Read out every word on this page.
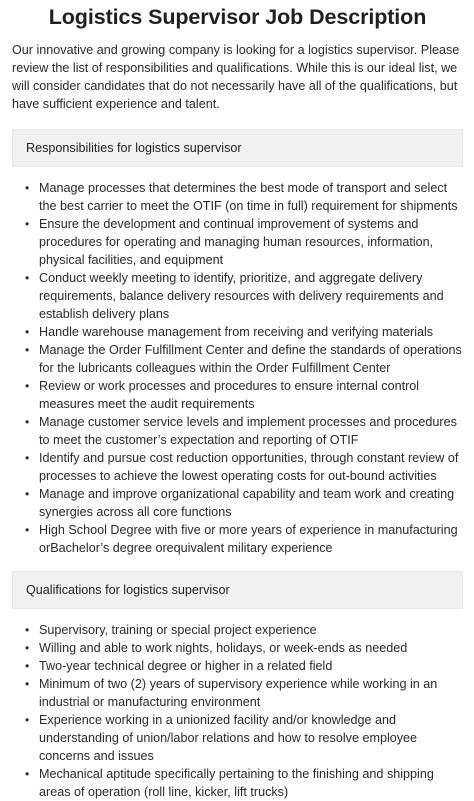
Logistics Supervisor Job Description

Our innovative and growing company is looking for a logistics supervisor. Please review the list of responsibilities and qualifications. While this is our ideal list, we will consider candidates that do not necessarily have all of the qualifications, but have sufficient experience and talent.

Responsibilities for logistics supervisor
• Manage processes that determines the best mode of transport and select the best carrier to meet the OTIF (on time in full) requirement for shipments
• Ensure the development and continual improvement of systems and procedures for operating and managing human resources, information, physical facilities, and equipment
• Conduct weekly meeting to identify, prioritize, and aggregate delivery requirements, balance delivery resources with delivery requirements and establish delivery plans
• Handle warehouse management from receiving and verifying materials
• Manage the Order Fulfillment Center and define the standards of operations for the lubricants colleagues within the Order Fulfillment Center
• Review or work processes and procedures to ensure internal control measures meet the audit requirements
• Manage customer service levels and implement processes and procedures to meet the customer’s expectation and reporting of OTIF
• Identify and pursue cost reduction opportunities, through constant review of processes to achieve the lowest operating costs for out-bound activities
• Manage and improve organizational capability and team work and creating synergies across all core functions
• High School Degree with five or more years of experience in manufacturing orBachelor’s degree orequivalent military experience
Qualifications for logistics supervisor
• Supervisory, training or special project experience
• Willing and able to work nights, holidays, or week-ends as needed
• Two-year technical degree or higher in a related field
• Minimum of two (2) years of supervisory experience while working in an industrial or manufacturing environment
• Experience working in a unionized facility and/or knowledge and understanding of union/labor relations and how to resolve employee concerns and issues
• Mechanical aptitude specifically pertaining to the finishing and shipping areas of operation (roll line, kicker, lift trucks)
